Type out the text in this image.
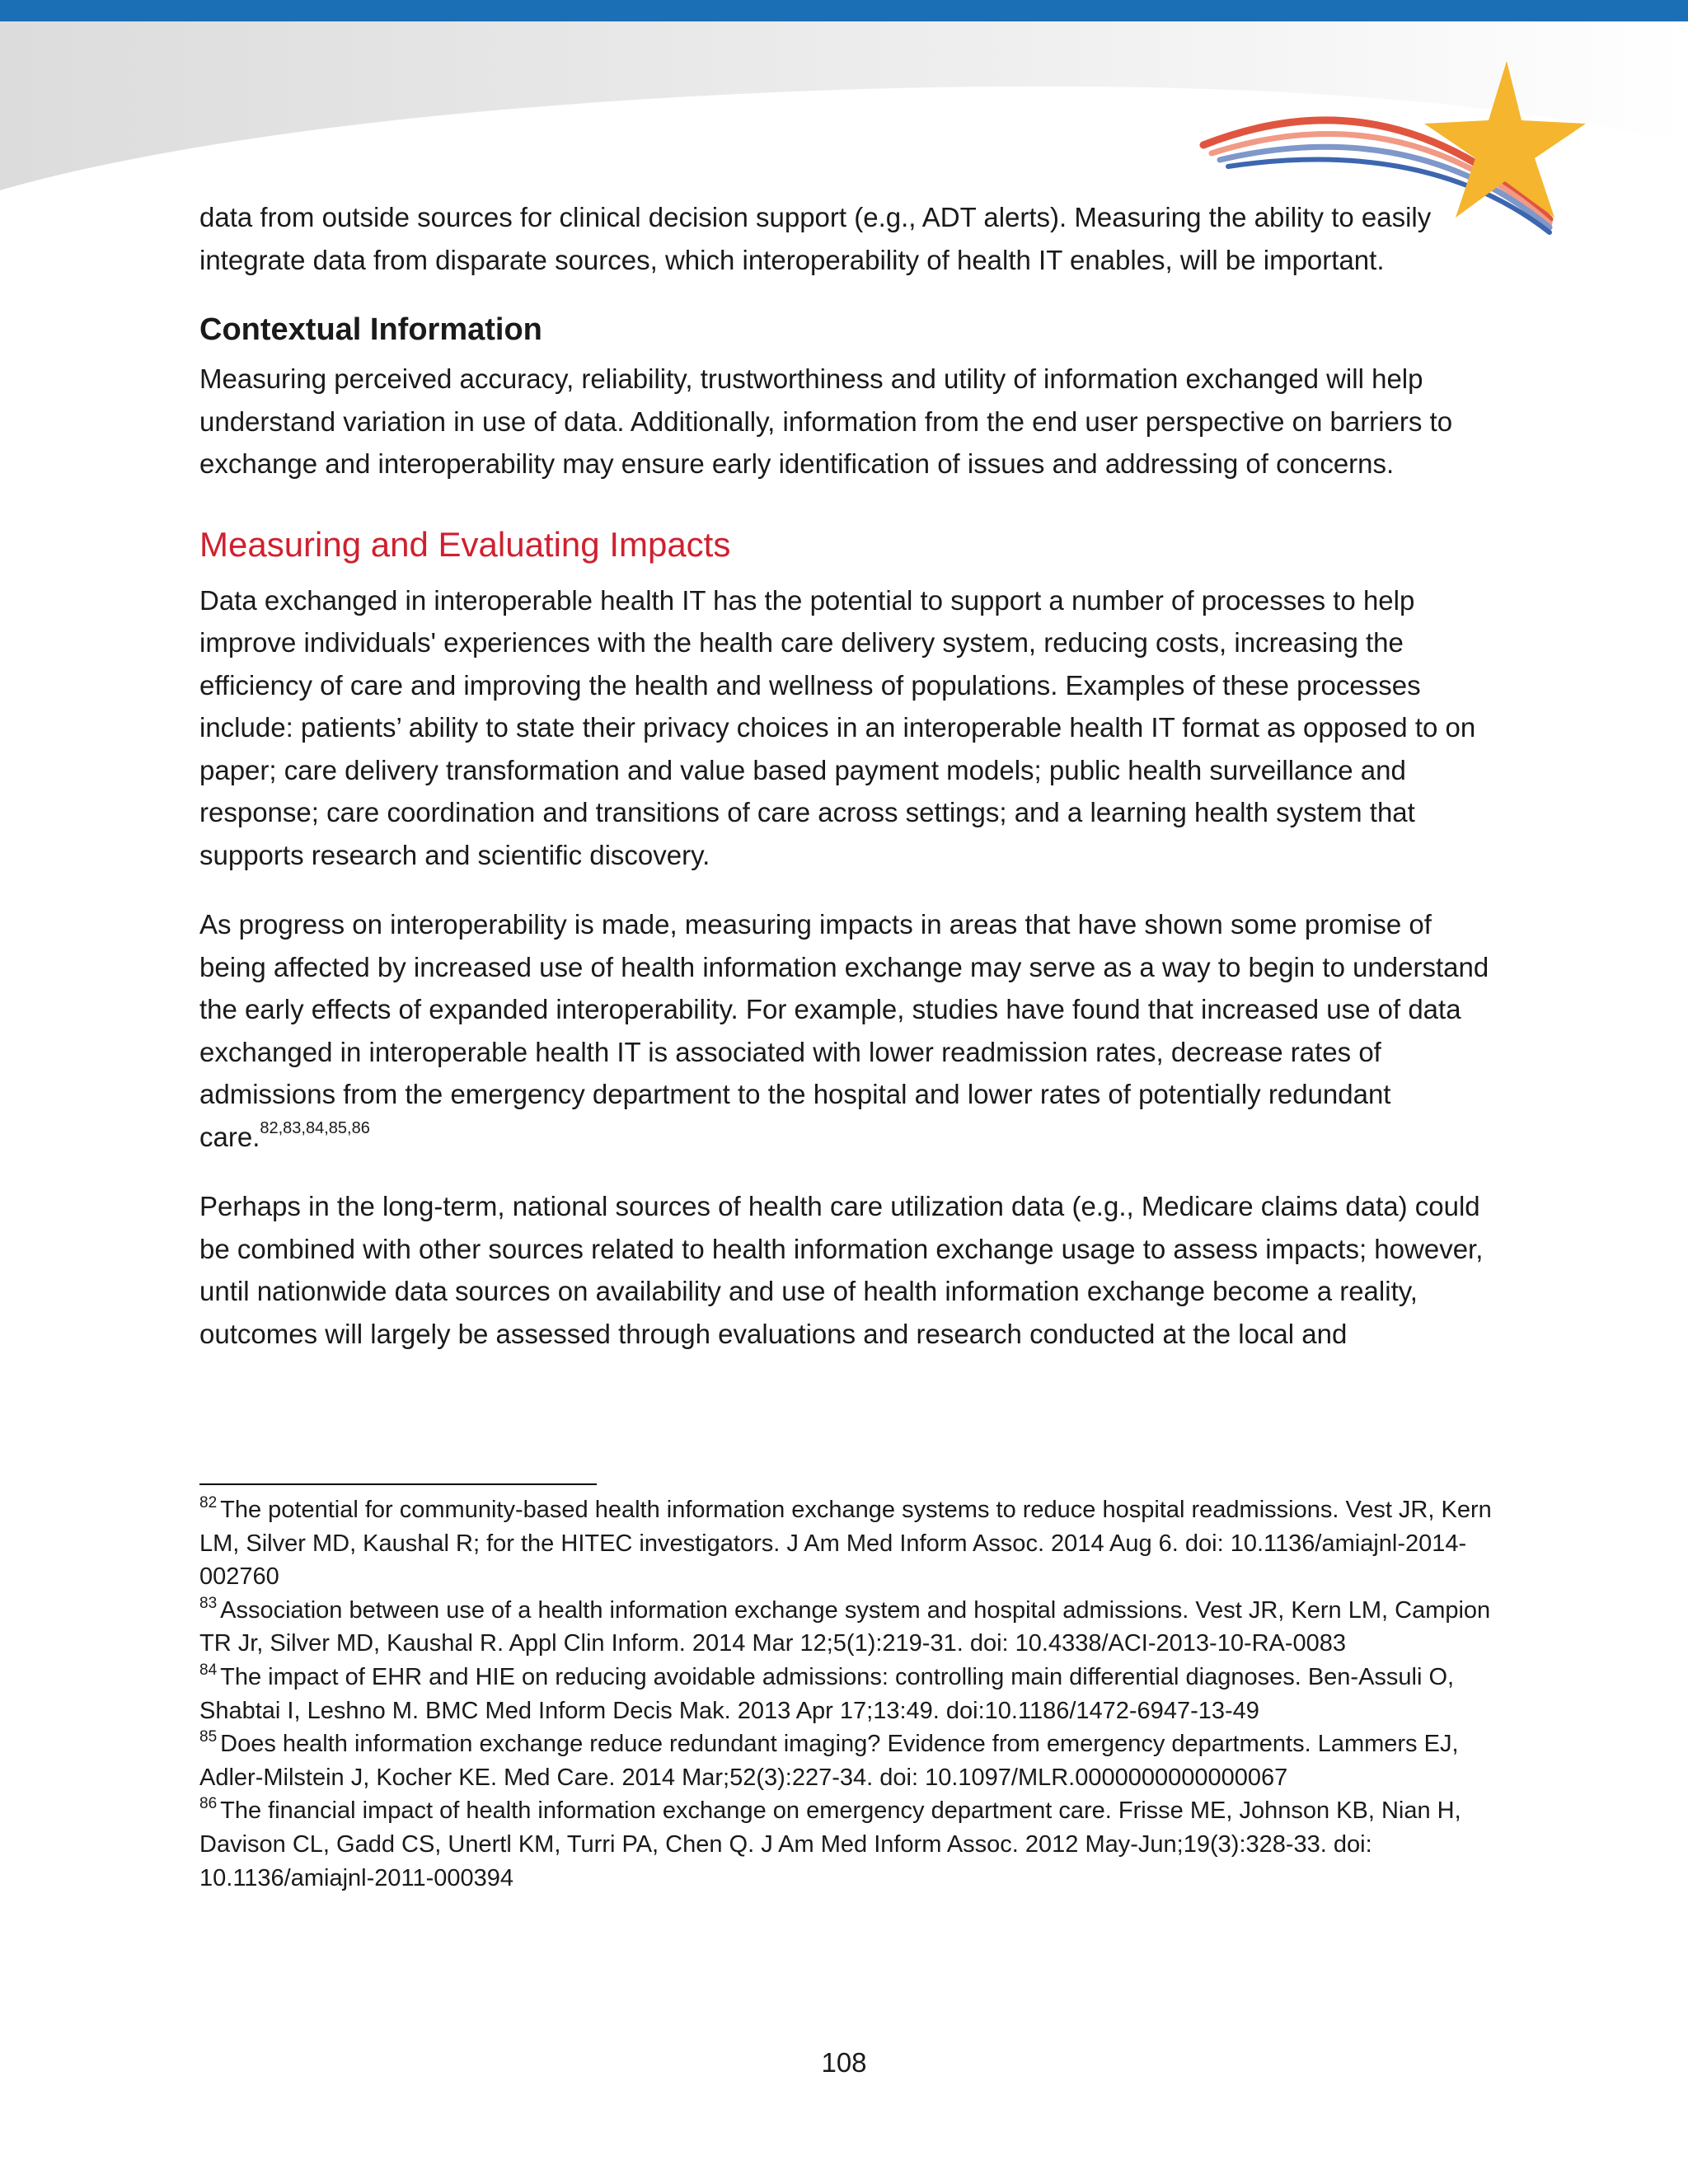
data from outside sources for clinical decision support (e.g., ADT alerts). Measuring the ability to easily integrate data from disparate sources, which interoperability of health IT enables, will be important.

Contextual Information

Measuring perceived accuracy, reliability, trustworthiness and utility of information exchanged will help understand variation in use of data. Additionally, information from the end user perspective on barriers to exchange and interoperability may ensure early identification of issues and addressing of concerns.

Measuring and Evaluating Impacts

Data exchanged in interoperable health IT has the potential to support a number of processes to help improve individuals' experiences with the health care delivery system, reducing costs, increasing the efficiency of care and improving the health and wellness of populations. Examples of these processes include: patients’ ability to state their privacy choices in an interoperable health IT format as opposed to on paper; care delivery transformation and value based payment models; public health surveillance and response; care coordination and transitions of care across settings; and a learning health system that supports research and scientific discovery.

As progress on interoperability is made, measuring impacts in areas that have shown some promise of being affected by increased use of health information exchange may serve as a way to begin to understand the early effects of expanded interoperability. For example, studies have found that increased use of data exchanged in interoperable health IT is associated with lower readmission rates, decrease rates of admissions from the emergency department to the hospital and lower rates of potentially redundant care.$^{82,83,84,85,86}$

Perhaps in the long-term, national sources of health care utilization data (e.g., Medicare claims data) could be combined with other sources related to health information exchange usage to assess impacts; however, until nationwide data sources on availability and use of health information exchange become a reality, outcomes will largely be assessed through evaluations and research conducted at the local and

$^{82}$ The potential for community-based health information exchange systems to reduce hospital readmissions. Vest JR, Kern LM, Silver MD, Kaushal R; for the HITEC investigators. J Am Med Inform Assoc. 2014 Aug 6. doi: 10.1136/amiajnl-2014-002760

$^{83}$ Association between use of a health information exchange system and hospital admissions. Vest JR, Kern LM, Campion TR Jr, Silver MD, Kaushal R. Appl Clin Inform. 2014 Mar 12;5(1):219-31. doi: 10.4338/ACI-2013-10-RA-0083

$^{84}$ The impact of EHR and HIE on reducing avoidable admissions: controlling main differential diagnoses. Ben-Assuli O, Shabtai I, Leshno M. BMC Med Inform Decis Mak. 2013 Apr 17;13:49. doi:10.1186/1472-6947-13-49

$^{85}$ Does health information exchange reduce redundant imaging? Evidence from emergency departments. Lammers EJ, Adler-Milstein J, Kocher KE. Med Care. 2014 Mar;52(3):227-34. doi: 10.1097/MLR.0000000000000067

$^{86}$ The financial impact of health information exchange on emergency department care. Frisse ME, Johnson KB, Nian H, Davison CL, Gadd CS, Unertl KM, Turri PA, Chen Q. J Am Med Inform Assoc. 2012 May-Jun;19(3):328-33. doi: 10.1136/amiajnl-2011-000394

108
